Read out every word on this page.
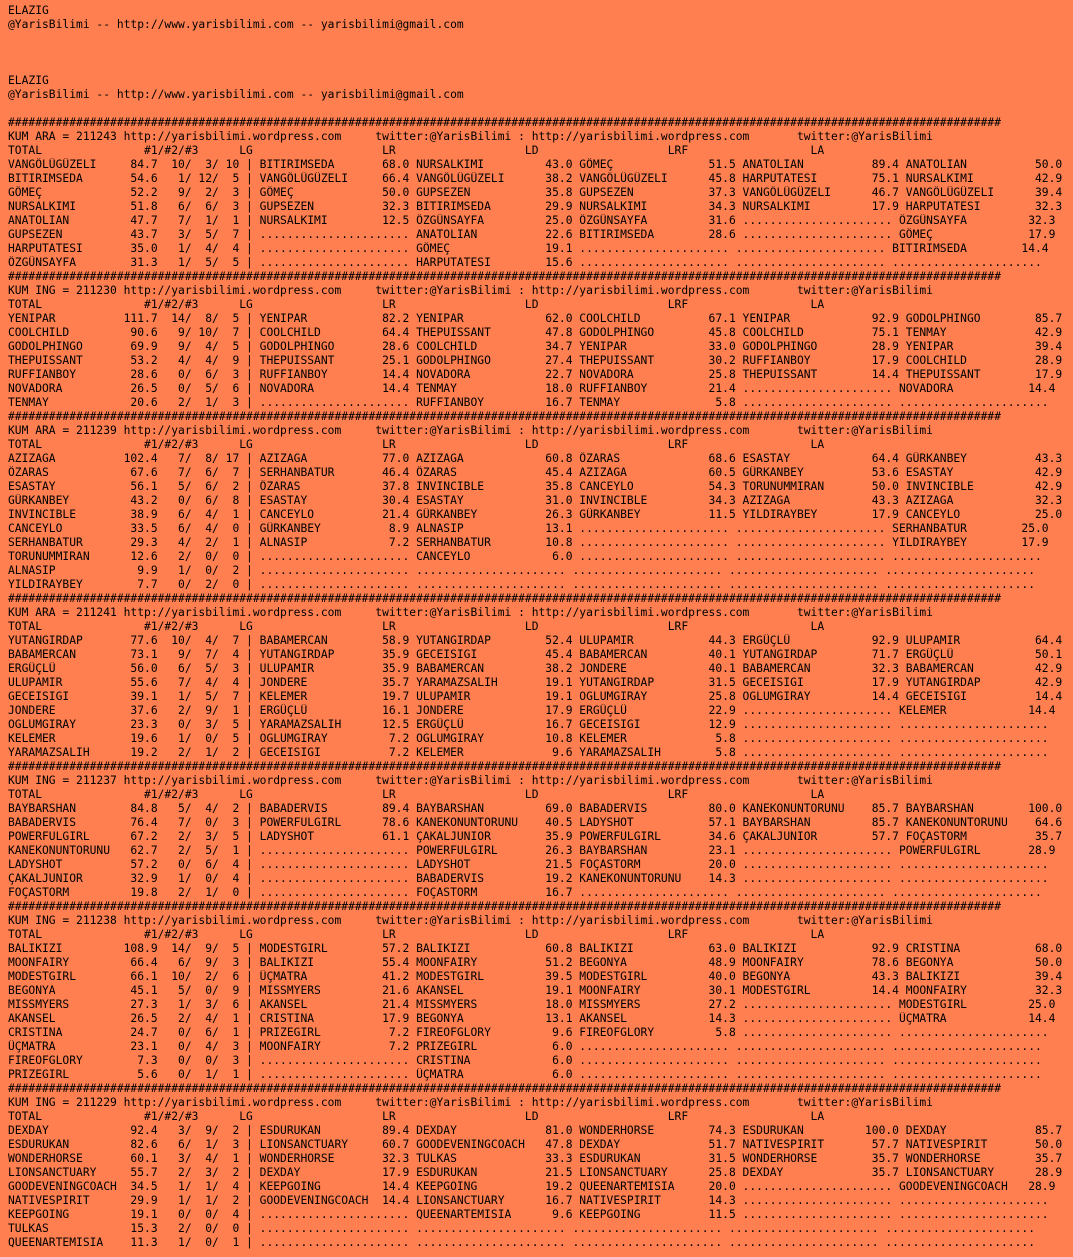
ELAZIG
@YarisBilimi -- http://www.yarisbilimi.com -- yarisbilimi@gmail.com

ELAZIG
@YarisBilimi -- http://www.yarisbilimi.com -- yarisbilimi@gmail.com

##################################################################################################################################################
KUM ARA = 211243 http://yarisbilimi.wordpress.com     twitter:@YarisBilimi : http://yarisbilimi.wordpress.com       twitter:@YarisBilimi
TOTAL               #1/#2/#3      LG                   LR                   LD                   LRF                  LA
VANGÖLÜGÜZELI     84.7  10/  3/ 10 | BITIRIMSEDA       68.0 NURSALKIMI         43.0 GÖMEÇ              51.5 ANATOLIAN          89.4 ANATOLIAN          50.0
BITIRIMSEDA       54.6   1/ 12/  5 | VANGÖLÜGÜZELI     66.4 VANGÖLÜGÜZELI      38.2 VANGÖLÜGÜZELI      45.8 HARPUTATESI        75.1 NURSALKIMI         42.9
GÖMEÇ             52.2   9/  2/  3 | GÖMEÇ             50.0 GUPSEZEN           35.8 GUPSEZEN           37.3 VANGÖLÜGÜZELI      46.7 VANGÖLÜGÜZELI      39.4
NURSALKIMI        51.8   6/  6/  3 | GUPSEZEN          32.3 BITIRIMSEDA        29.9 NURSALKIMI         34.3 NURSALKIMI         17.9 HARPUTATESI        32.3
ANATOLIAN         47.7   7/  1/  1 | NURSALKIMI        12.5 ÖZGÜNSAYFA         25.0 ÖZGÜNSAYFA         31.6 ...................... ÖZGÜNSAYFA         32.3
GUPSEZEN          43.7   3/  5/  7 | ...................... ANATOLIAN          22.6 BITIRIMSEDA        28.6 ...................... GÖMEÇ              17.9
HARPUTATESI       35.0   1/  4/  4 | ...................... GÖMEÇ              19.1 ...................... ...................... BITIRIMSEDA        14.4
ÖZGÜNSAYFA        31.3   1/  5/  5 | ...................... HARPUTATESI        15.6 ...................... ...................... ......................
##################################################################################################################################################
KUM ING = 211230 http://yarisbilimi.wordpress.com     twitter:@YarisBilimi : http://yarisbilimi.wordpress.com       twitter:@YarisBilimi
TOTAL               #1/#2/#3      LG                   LR                   LD                   LRF                  LA
YENIPAR          111.7  14/  8/  5 | YENIPAR           82.2 YENIPAR            62.0 COOLCHILD          67.1 YENIPAR            92.9 GODOLPHINGO        85.7
COOLCHILD         90.6   9/ 10/  7 | COOLCHILD         64.4 THEPUISSANT        47.8 GODOLPHINGO        45.8 COOLCHILD          75.1 TENMAY             42.9
GODOLPHINGO       69.9   9/  4/  5 | GODOLPHINGO       28.6 COOLCHILD          34.7 YENIPAR            33.0 GODOLPHINGO        28.9 YENIPAR            39.4
THEPUISSANT       53.2   4/  4/  9 | THEPUISSANT       25.1 GODOLPHINGO        27.4 THEPUISSANT        30.2 RUFFIANBOY         17.9 COOLCHILD          28.9
RUFFIANBOY        28.6   0/  6/  3 | RUFFIANBOY        14.4 NOVADORA           22.7 NOVADORA           25.8 THEPUISSANT        14.4 THEPUISSANT        17.9
NOVADORA          26.5   0/  5/  6 | NOVADORA          14.4 TENMAY             18.0 RUFFIANBOY         21.4 ...................... NOVADORA           14.4
TENMAY            20.6   2/  1/  3 | ...................... RUFFIANBOY         16.7 TENMAY              5.8 ...................... ......................
##################################################################################################################################################
KUM ARA = 211239 http://yarisbilimi.wordpress.com     twitter:@YarisBilimi : http://yarisbilimi.wordpress.com       twitter:@YarisBilimi
TOTAL               #1/#2/#3      LG                   LR                   LD                   LRF                  LA
AZIZAGA          102.4   7/  8/ 17 | AZIZAGA           77.0 AZIZAGA            60.8 ÖZARAS             68.6 ESASTAY            64.4 GÜRKANBEY          43.3
ÖZARAS            67.6   7/  6/  7 | SERHANBATUR       46.4 ÖZARAS             45.4 AZIZAGA            60.5 GÜRKANBEY          53.6 ESASTAY            42.9
ESASTAY           56.1   5/  6/  2 | ÖZARAS            37.8 INVINCIBLE         35.8 CANCEYLO           54.3 TORUNUMMIRAN       50.0 INVINCIBLE         42.9
GÜRKANBEY         43.2   0/  6/  8 | ESASTAY           30.4 ESASTAY            31.0 INVINCIBLE         34.3 AZIZAGA            43.3 AZIZAGA            32.3
INVINCIBLE        38.9   6/  4/  1 | CANCEYLO          21.4 GÜRKANBEY          26.3 GÜRKANBEY          11.5 YILDIRAYBEY        17.9 CANCEYLO           25.0
CANCEYLO          33.5   6/  4/  0 | GÜRKANBEY          8.9 ALNASIP            13.1 ...................... ...................... SERHANBATUR        25.0
SERHANBATUR       29.3   4/  2/  1 | ALNASIP            7.2 SERHANBATUR        10.8 ...................... ...................... YILDIRAYBEY        17.9
TORUNUMMIRAN      12.6   2/  0/  0 | ...................... CANCEYLO            6.0 ...................... ...................... ......................
ALNASIP            9.9   1/  0/  2 | ...................... ...................... ...................... ...................... ......................
YILDIRAYBEY        7.7   0/  2/  0 | ...................... ...................... ...................... ...................... ......................
##################################################################################################################################################
KUM ARA = 211241 http://yarisbilimi.wordpress.com     twitter:@YarisBilimi : http://yarisbilimi.wordpress.com       twitter:@YarisBilimi
TOTAL               #1/#2/#3      LG                   LR                   LD                   LRF                  LA
YUTANGIRDAP       77.6  10/  4/  7 | BABAMERCAN        58.9 YUTANGIRDAP        52.4 ULUPAMIR           44.3 ERGÜÇLÜ            92.9 ULUPAMIR           64.4
BABAMERCAN        73.1   9/  7/  4 | YUTANGIRDAP       35.9 GECEISIGI          45.4 BABAMERCAN         40.1 YUTANGIRDAP        71.7 ERGÜÇLÜ            50.1
ERGÜÇLÜ           56.0   6/  5/  3 | ULUPAMIR          35.9 BABAMERCAN         38.2 JONDERE            40.1 BABAMERCAN         32.3 BABAMERCAN         42.9
ULUPAMIR          55.6   7/  4/  4 | JONDERE           35.7 YARAMAZSALIH       19.1 YUTANGIRDAP        31.5 GECEISIGI          17.9 YUTANGIRDAP        42.9
GECEISIGI         39.1   1/  5/  7 | KELEMER           19.7 ULUPAMIR           19.1 OGLUMGIRAY         25.8 OGLUMGIRAY         14.4 GECEISIGI          14.4
JONDERE           37.6   2/  9/  1 | ERGÜÇLÜ           16.1 JONDERE            17.9 ERGÜÇLÜ            22.9 ...................... KELEMER            14.4
OGLUMGIRAY        23.3   0/  3/  5 | YARAMAZSALIH      12.5 ERGÜÇLÜ            16.7 GECEISIGI          12.9 ...................... ......................
KELEMER           19.6   1/  0/  5 | OGLUMGIRAY         7.2 OGLUMGIRAY         10.8 KELEMER             5.8 ...................... ......................
YARAMAZSALIH      19.2   2/  1/  2 | GECEISIGI          7.2 KELEMER             9.6 YARAMAZSALIH        5.8 ...................... ......................
##################################################################################################################################################
KUM ING = 211237 http://yarisbilimi.wordpress.com     twitter:@YarisBilimi : http://yarisbilimi.wordpress.com       twitter:@YarisBilimi
TOTAL               #1/#2/#3      LG                   LR                   LD                   LRF                  LA
BAYBARSHAN        84.8   5/  4/  2 | BABADERVIS        89.4 BAYBARSHAN         69.0 BABADERVIS         80.0 KANEKONUNTORUNU    85.7 BAYBARSHAN        100.0
BABADERVIS        76.4   7/  0/  3 | POWERFULGIRL      78.6 KANEKONUNTORUNU    40.5 LADYSHOT           57.1 BAYBARSHAN         85.7 KANEKONUNTORUNU    64.6
POWERFULGIRL      67.2   2/  3/  5 | LADYSHOT          61.1 ÇAKALJUNIOR        35.9 POWERFULGIRL       34.6 ÇAKALJUNIOR        57.7 FOÇASTORM          35.7
KANEKONUNTORUNU   62.7   2/  5/  1 | ...................... POWERFULGIRL       26.3 BAYBARSHAN         23.1 ...................... POWERFULGIRL       28.9
LADYSHOT          57.2   0/  6/  4 | ...................... LADYSHOT           21.5 FOÇASTORM          20.0 ...................... ......................
ÇAKALJUNIOR       32.9   1/  0/  4 | ...................... BABADERVIS         19.2 KANEKONUNTORUNU    14.3 ...................... ......................
FOÇASTORM         19.8   2/  1/  0 | ...................... FOÇASTORM          16.7 ...................... ...................... ......................
##################################################################################################################################################
KUM ING = 211238 http://yarisbilimi.wordpress.com     twitter:@YarisBilimi : http://yarisbilimi.wordpress.com       twitter:@YarisBilimi
TOTAL               #1/#2/#3      LG                   LR                   LD                   LRF                  LA
BALIKIZI         108.9  14/  9/  5 | MODESTGIRL        57.2 BALIKIZI           60.8 BALIKIZI           63.0 BALIKIZI           92.9 CRISTINA           68.0
MOONFAIRY         66.4   6/  9/  3 | BALIKIZI          55.4 MOONFAIRY          51.2 BEGONYA            48.9 MOONFAIRY          78.6 BEGONYA            50.0
MODESTGIRL        66.1  10/  2/  6 | ÜÇMATRA           41.2 MODESTGIRL         39.5 MODESTGIRL         40.0 BEGONYA            43.3 BALIKIZI           39.4
BEGONYA           45.1   5/  0/  9 | MISSMYERS         21.6 AKANSEL            19.1 MOONFAIRY          30.1 MODESTGIRL         14.4 MOONFAIRY          32.3
MISSMYERS         27.3   1/  3/  6 | AKANSEL           21.4 MISSMYERS          18.0 MISSMYERS          27.2 ...................... MODESTGIRL         25.0
AKANSEL           26.5   2/  4/  1 | CRISTINA          17.9 BEGONYA            13.1 AKANSEL            14.3 ...................... ÜÇMATRA            14.4
CRISTINA          24.7   0/  6/  1 | PRIZEGIRL          7.2 FIREOFGLORY         9.6 FIREOFGLORY         5.8 ...................... ......................
ÜÇMATRA           23.1   0/  4/  3 | MOONFAIRY          7.2 PRIZEGIRL           6.0 ...................... ...................... ......................
FIREOFGLORY        7.3   0/  0/  3 | ...................... CRISTINA            6.0 ...................... ...................... ......................
PRIZEGIRL          5.6   0/  1/  1 | ...................... ÜÇMATRA             6.0 ...................... ...................... ......................
##################################################################################################################################################
KUM ING = 211229 http://yarisbilimi.wordpress.com     twitter:@YarisBilimi : http://yarisbilimi.wordpress.com       twitter:@YarisBilimi
TOTAL               #1/#2/#3      LG                   LR                   LD                   LRF                  LA
DEXDAY            92.4   3/  9/  2 | ESDURUKAN         89.4 DEXDAY             81.0 WONDERHORSE        74.3 ESDURUKAN         100.0 DEXDAY             85.7
ESDURUKAN         82.6   6/  1/  3 | LIONSANCTUARY     60.7 GOODEVENINGCOACH   47.8 DEXDAY             51.7 NATIVESPIRIT       57.7 NATIVESPIRIT       50.0
WONDERHORSE       60.1   3/  4/  1 | WONDERHORSE       32.3 TULKAS             33.3 ESDURUKAN          31.5 WONDERHORSE        35.7 WONDERHORSE        35.7
LIONSANCTUARY     55.7   2/  3/  2 | DEXDAY            17.9 ESDURUKAN          21.5 LIONSANCTUARY      25.8 DEXDAY             35.7 LIONSANCTUARY      28.9
GOODEVENINGCOACH  34.5   1/  1/  4 | KEEPGOING         14.4 KEEPGOING          19.2 QUEENARTEMISIA     20.0 ...................... GOODEVENINGCOACH   28.9
NATIVESPIRIT      29.9   1/  1/  2 | GOODEVENINGCOACH  14.4 LIONSANCTUARY      16.7 NATIVESPIRIT       14.3 ...................... ......................
KEEPGOING         19.1   0/  0/  4 | ...................... QUEENARTEMISIA      9.6 KEEPGOING          11.5 ...................... ......................
TULKAS            15.3   2/  0/  0 | ...................... ...................... ...................... ...................... ......................
QUEENARTEMISIA    11.3   1/  0/  1 | ...................... ...................... ...................... ...................... ......................
